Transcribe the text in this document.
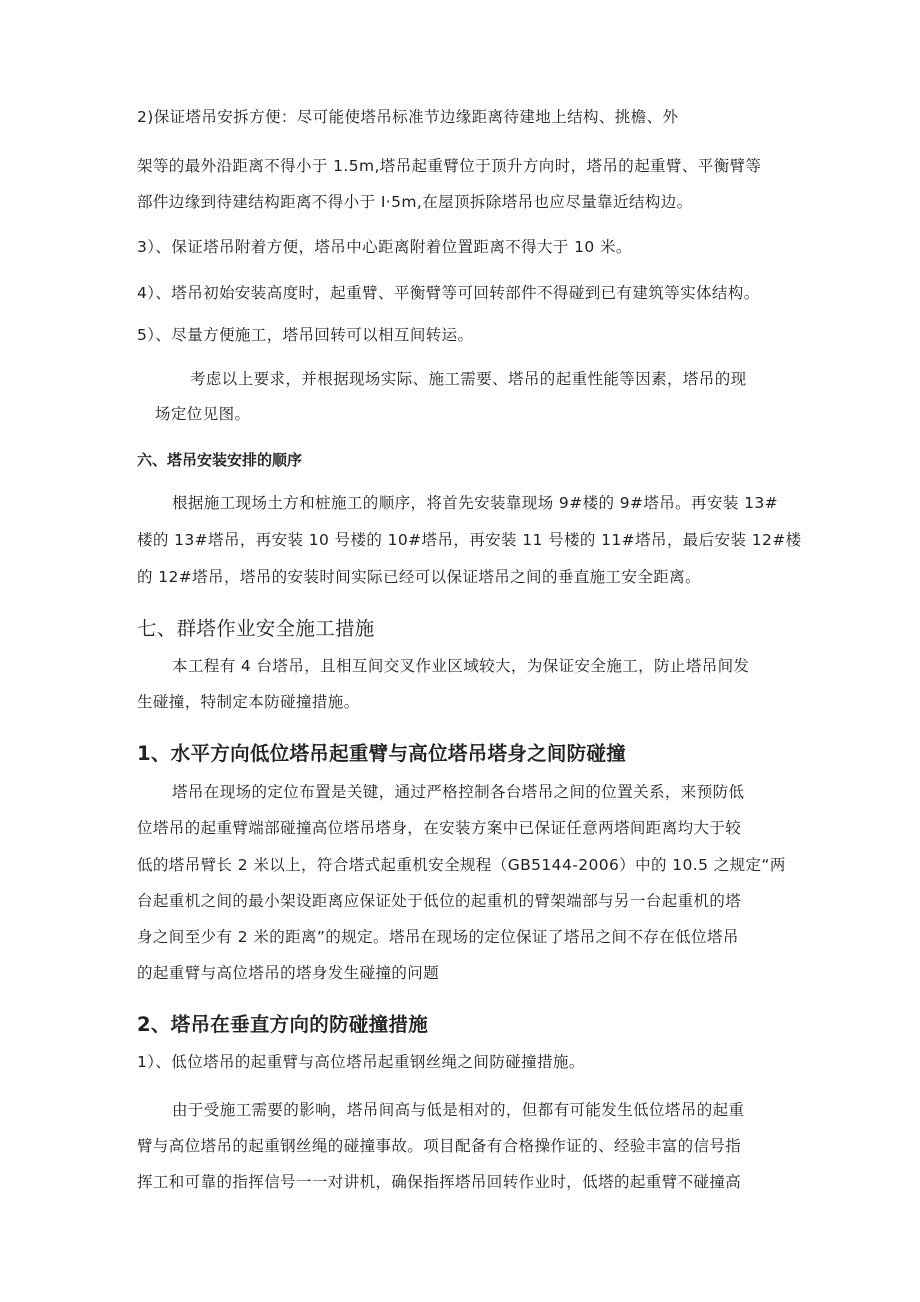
2)保证塔吊安拆方便：尽可能使塔吊标准节边缘距离待建地上结构、挑檐、外

架等的最外沿距离不得小于 1.5m,塔吊起重臂位于顶升方向时，塔吊的起重臂、平衡臂等

部件边缘到待建结构距离不得小于 I·5m,在屋顶拆除塔吊也应尽量靠近结构边。

3）、保证塔吊附着方便，塔吊中心距离附着位置距离不得大于 10 米。

4）、塔吊初始安装高度时，起重臂、平衡臂等可回转部件不得碰到已有建筑等实体结构。

5）、尽量方便施工，塔吊回转可以相互间转运。

考虑以上要求，并根据现场实际、施工需要、塔吊的起重性能等因素，塔吊的现

场定位见图。

六、塔吊安装安排的顺序

根据施工现场土方和桩施工的顺序，将首先安装靠现场 9#楼的 9#塔吊。再安装 13#

楼的 13#塔吊，再安装 10 号楼的 10#塔吊，再安装 11 号楼的 11#塔吊，最后安装 12#楼

的 12#塔吊，塔吊的安装时间实际已经可以保证塔吊之间的垂直施工安全距离。

七、群塔作业安全施工措施

本工程有 4 台塔吊，且相互间交叉作业区域较大，为保证安全施工，防止塔吊间发

生碰撞，特制定本防碰撞措施。

1、水平方向低位塔吊起重臂与高位塔吊塔身之间防碰撞

塔吊在现场的定位布置是关键，通过严格控制各台塔吊之间的位置关系，来预防低

位塔吊的起重臂端部碰撞高位塔吊塔身，在安装方案中已保证任意两塔间距离均大于较

低的塔吊臂长 2 米以上，符合塔式起重机安全规程（GB5144-2006）中的 10.5 之规定“两

台起重机之间的最小架设距离应保证处于低位的起重机的臂架端部与另一台起重机的塔

身之间至少有 2 米的距离”的规定。塔吊在现场的定位保证了塔吊之间不存在低位塔吊

的起重臂与高位塔吊的塔身发生碰撞的问题

2、塔吊在垂直方向的防碰撞措施

1）、低位塔吊的起重臂与高位塔吊起重钢丝绳之间防碰撞措施。

由于受施工需要的影响，塔吊间高与低是相对的，但都有可能发生低位塔吊的起重

臂与高位塔吊的起重钢丝绳的碰撞事故。项目配备有合格操作证的、经验丰富的信号指

挥工和可靠的指挥信号一一对讲机，确保指挥塔吊回转作业时，低塔的起重臂不碰撞高
